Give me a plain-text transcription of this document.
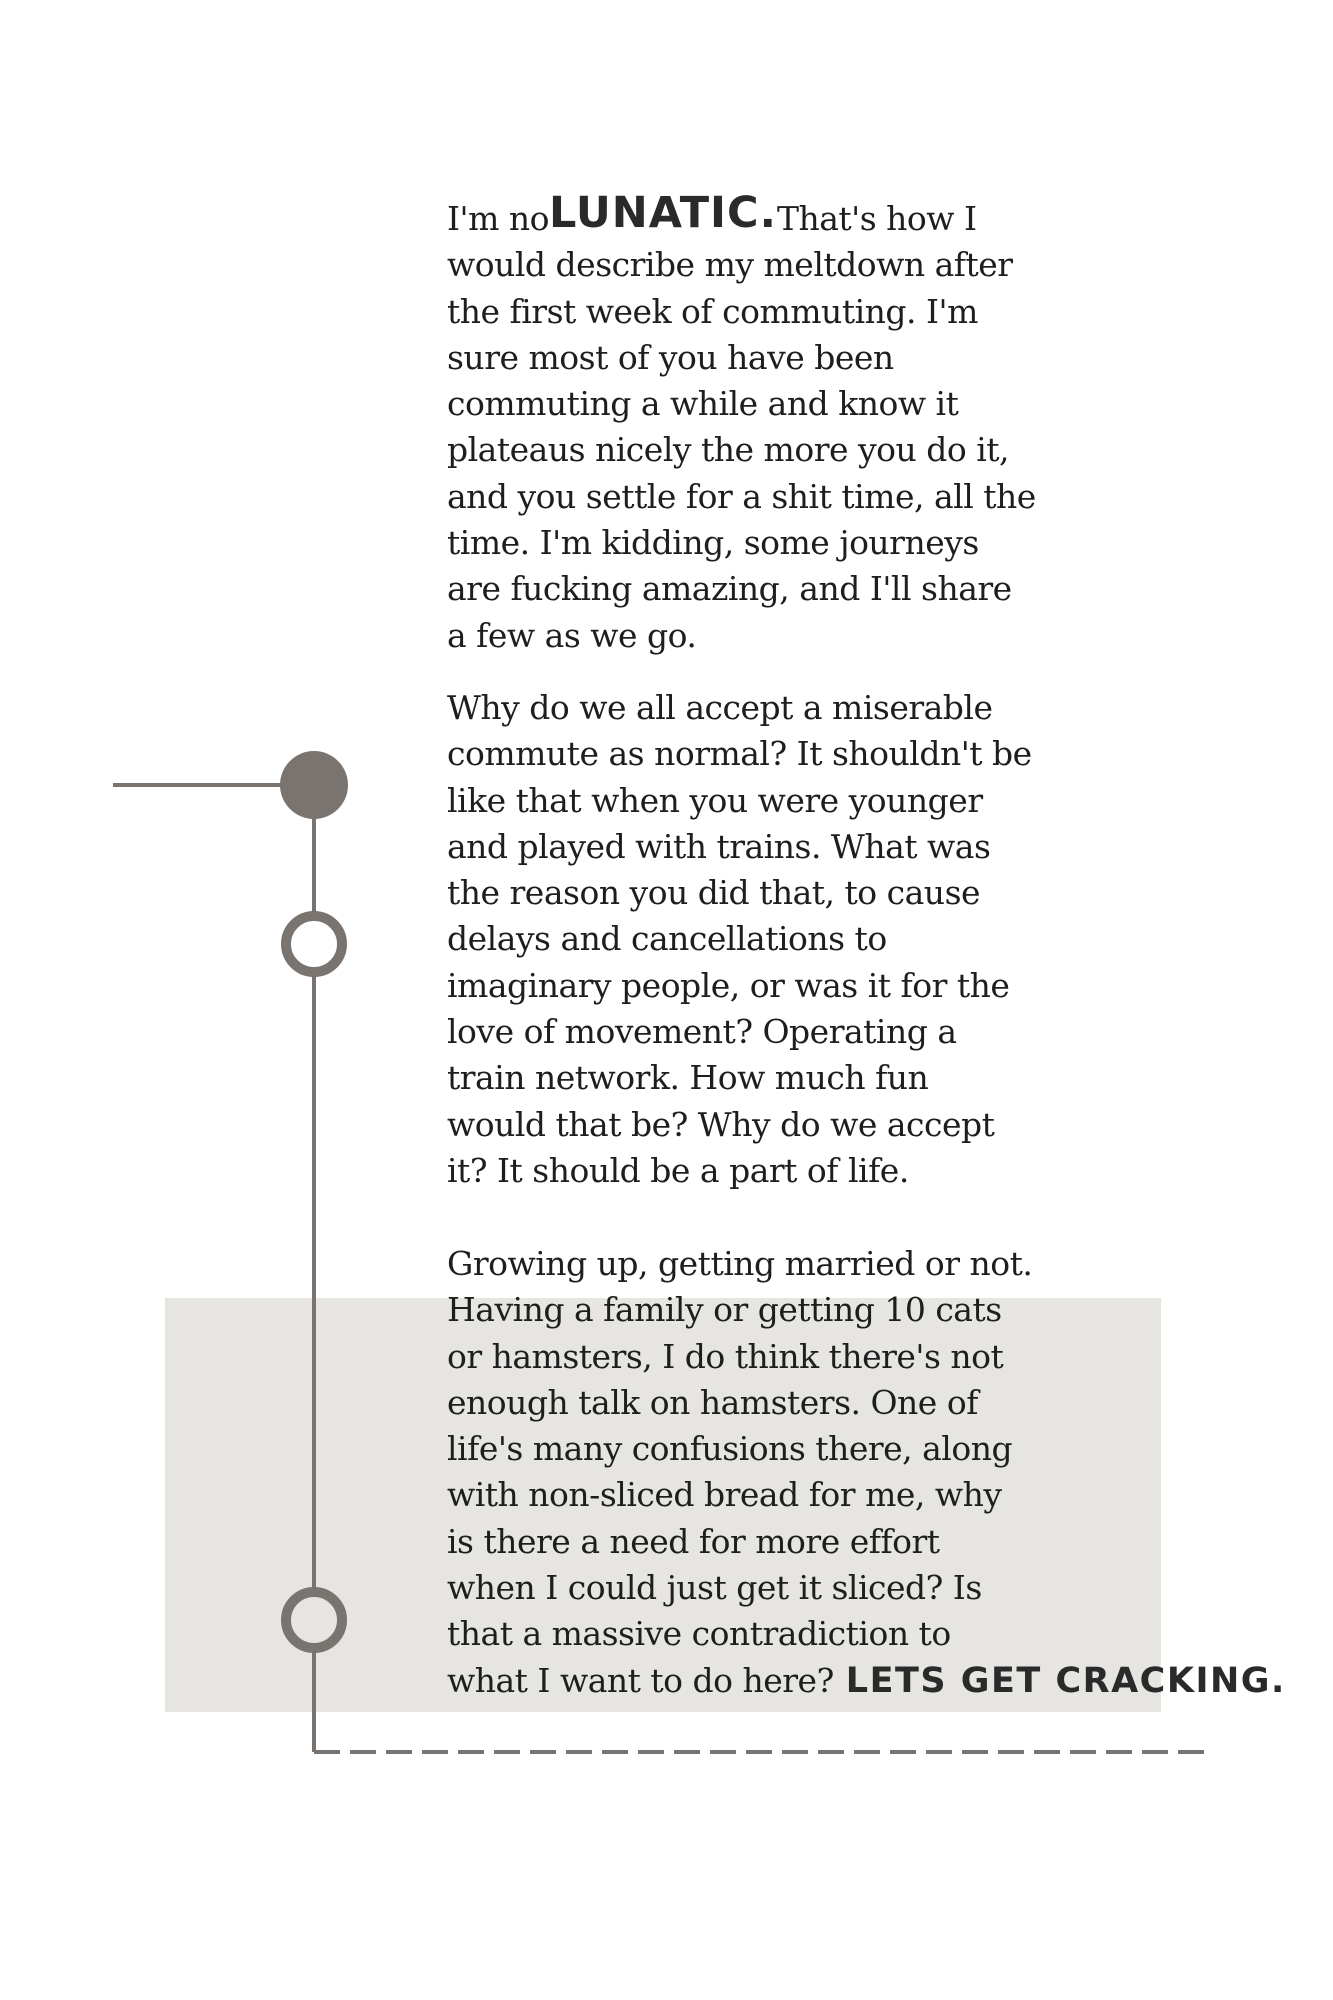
I'm noLUNATIC.That's how I
would describe my meltdown after
the first week of commuting. I'm
sure most of you have been
commuting a while and know it
plateaus nicely the more you do it,
and you settle for a shit time, all the
time. I'm kidding, some journeys
are fucking amazing, and I'll share
a few as we go.

Why do we all accept a miserable
commute as normal? It shouldn't be
like that when you were younger
and played with trains. What was
the reason you did that, to cause
delays and cancellations to
imaginary people, or was it for the
love of movement? Operating a
train network. How much fun
would that be? Why do we accept
it? It should be a part of life.

Growing up, getting married or not.
Having a family or getting 10 cats
or hamsters, I do think there's not
enough talk on hamsters. One of
life's many confusions there, along
with non-sliced bread for me, why
is there a need for more effort
when I could just get it sliced? Is
that a massive contradiction to
what I want to do here? LETS GET CRACKING.
